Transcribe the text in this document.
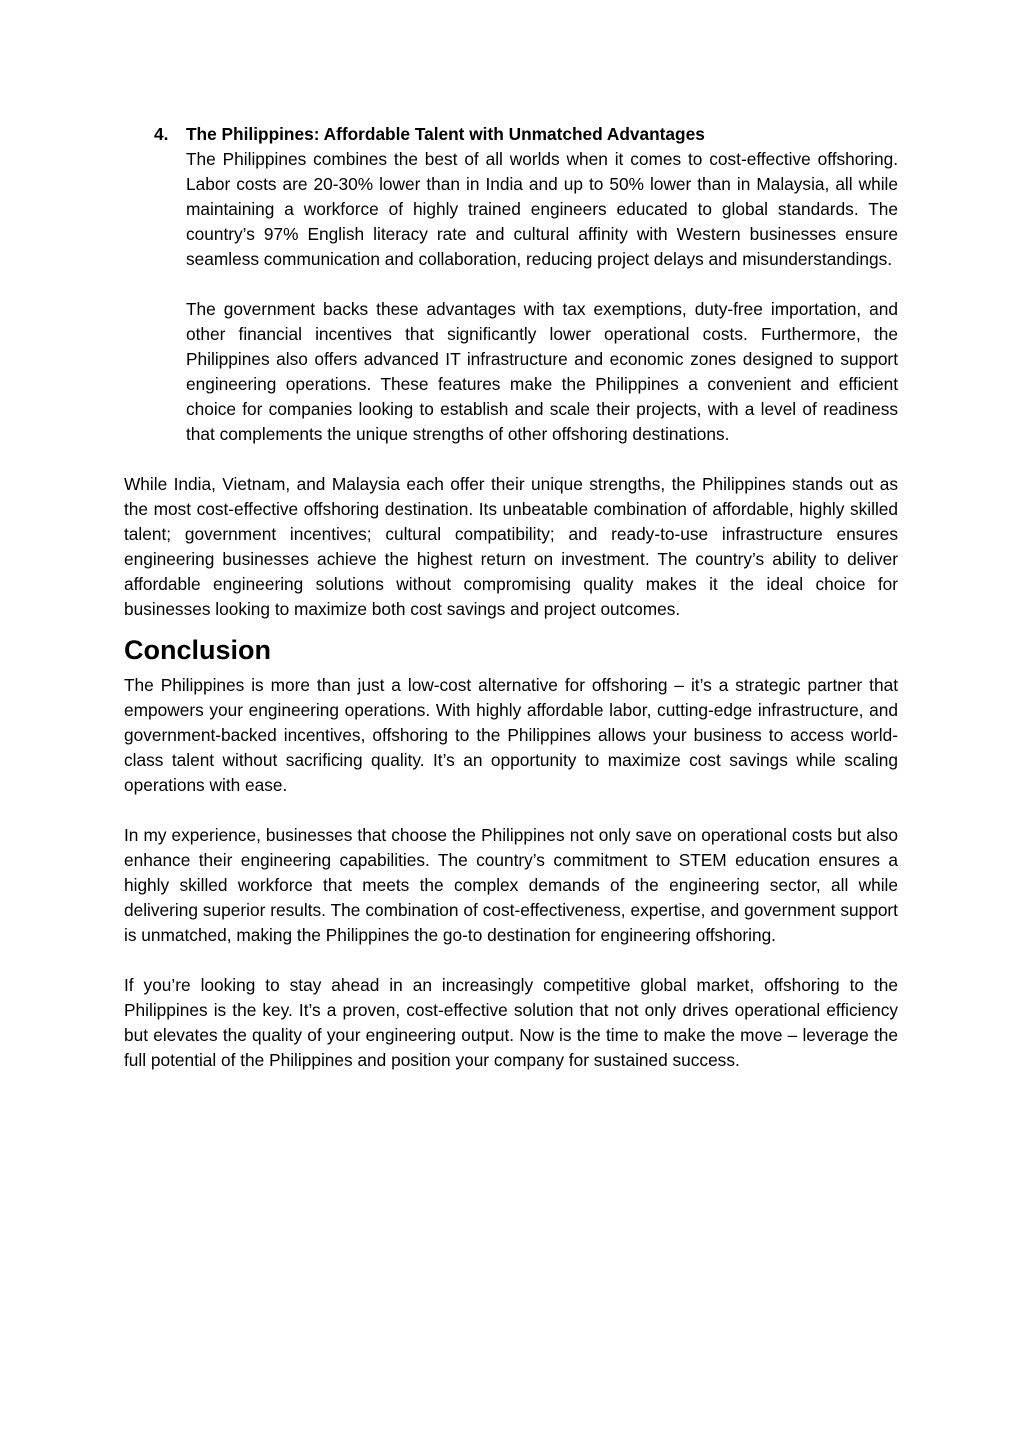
4. The Philippines: Affordable Talent with Unmatched Advantages

The Philippines combines the best of all worlds when it comes to cost-effective offshoring. Labor costs are 20-30% lower than in India and up to 50% lower than in Malaysia, all while maintaining a workforce of highly trained engineers educated to global standards. The country’s 97% English literacy rate and cultural affinity with Western businesses ensure seamless communication and collaboration, reducing project delays and misunderstandings.

The government backs these advantages with tax exemptions, duty-free importation, and other financial incentives that significantly lower operational costs. Furthermore, the Philippines also offers advanced IT infrastructure and economic zones designed to support engineering operations. These features make the Philippines a convenient and efficient choice for companies looking to establish and scale their projects, with a level of readiness that complements the unique strengths of other offshoring destinations.

While India, Vietnam, and Malaysia each offer their unique strengths, the Philippines stands out as the most cost-effective offshoring destination. Its unbeatable combination of affordable, highly skilled talent; government incentives; cultural compatibility; and ready-to-use infrastructure ensures engineering businesses achieve the highest return on investment. The country’s ability to deliver affordable engineering solutions without compromising quality makes it the ideal choice for businesses looking to maximize both cost savings and project outcomes.

Conclusion

The Philippines is more than just a low-cost alternative for offshoring – it’s a strategic partner that empowers your engineering operations. With highly affordable labor, cutting-edge infrastructure, and government-backed incentives, offshoring to the Philippines allows your business to access world-class talent without sacrificing quality. It’s an opportunity to maximize cost savings while scaling operations with ease.

In my experience, businesses that choose the Philippines not only save on operational costs but also enhance their engineering capabilities. The country’s commitment to STEM education ensures a highly skilled workforce that meets the complex demands of the engineering sector, all while delivering superior results. The combination of cost-effectiveness, expertise, and government support is unmatched, making the Philippines the go-to destination for engineering offshoring.

If you’re looking to stay ahead in an increasingly competitive global market, offshoring to the Philippines is the key. It’s a proven, cost-effective solution that not only drives operational efficiency but elevates the quality of your engineering output. Now is the time to make the move – leverage the full potential of the Philippines and position your company for sustained success.
